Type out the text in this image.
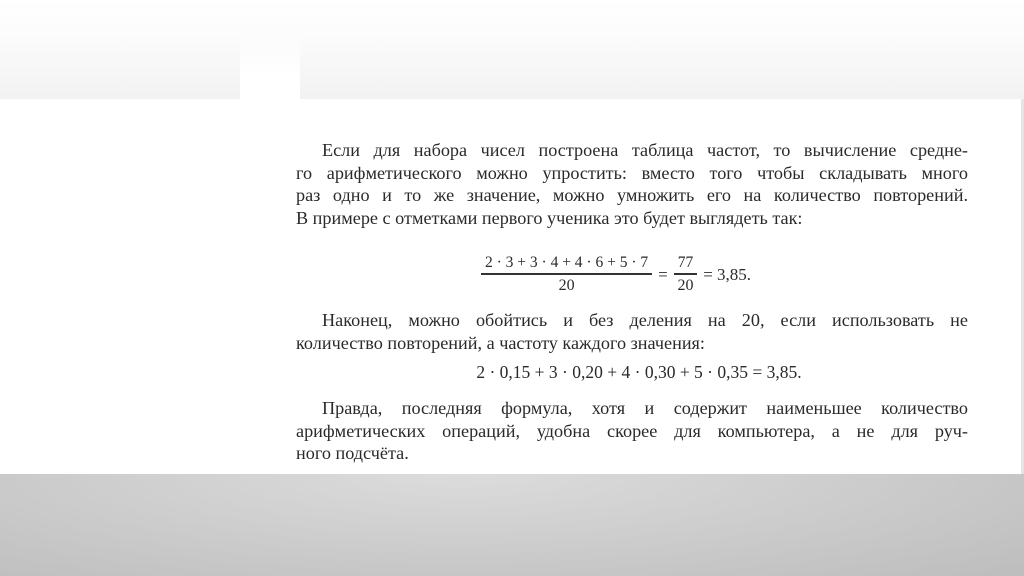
Если для набора чисел построена таблица частот, то вычисление средне-
го арифметического можно упростить: вместо того чтобы складывать много
раз одно и то же значение, можно умножить его на количество повторений.
В примере с отметками первого ученика это будет выглядеть так:
$\frac{2 \cdot 3 + 3 \cdot 4 + 4 \cdot 6 + 5 \cdot 7}{20} = \frac{77}{20} = 3,85$.
Наконец, можно обойтись и без деления на 20, если использовать не
количество повторений, а частоту каждого значения:
2 · 0,15 + 3 · 0,20 + 4 · 0,30 + 5 · 0,35 = 3,85.
Правда, последняя формула, хотя и содержит наименьшее количество
арифметических операций, удобна скорее для компьютера, а не для руч-
ного подсчёта.
